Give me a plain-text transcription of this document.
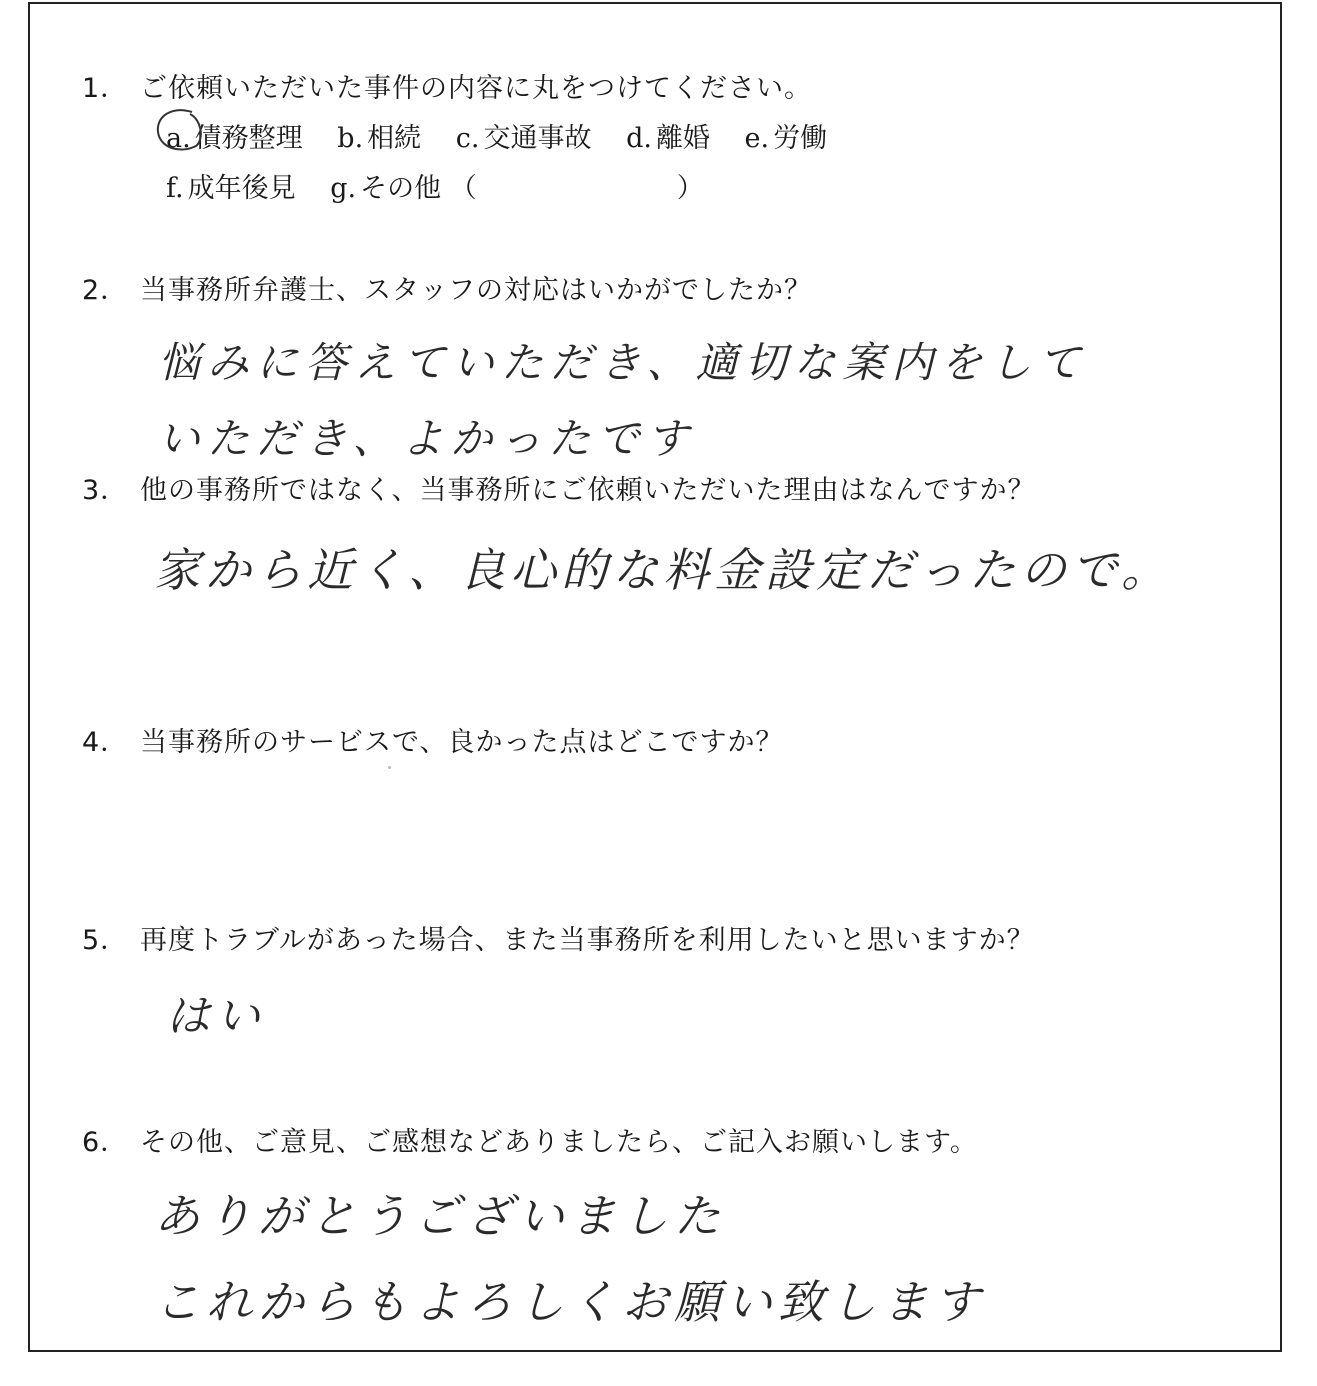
1． ご依頼いただいた事件の内容に丸をつけてください。
a. 債務整理 b. 相続 c. 交通事故 d. 離婚 e. 労働
f. 成年後見 g. その他 （	）
2． 当事務所弁護士、スタッフの対応はいかがでしたか？
悩みに答えていただき、適切な案内をして
いただき、よかったです
3． 他の事務所ではなく、当事務所にご依頼いただいた理由はなんですか？
家から近く、良心的な料金設定だったので。
4． 当事務所のサービスで、良かった点はどこですか？
5． 再度トラブルがあった場合、また当事務所を利用したいと思いますか？
はい
6． その他、ご意見、ご感想などありましたら、ご記入お願いします。
ありがとうございました
これからもよろしくお願い致します
